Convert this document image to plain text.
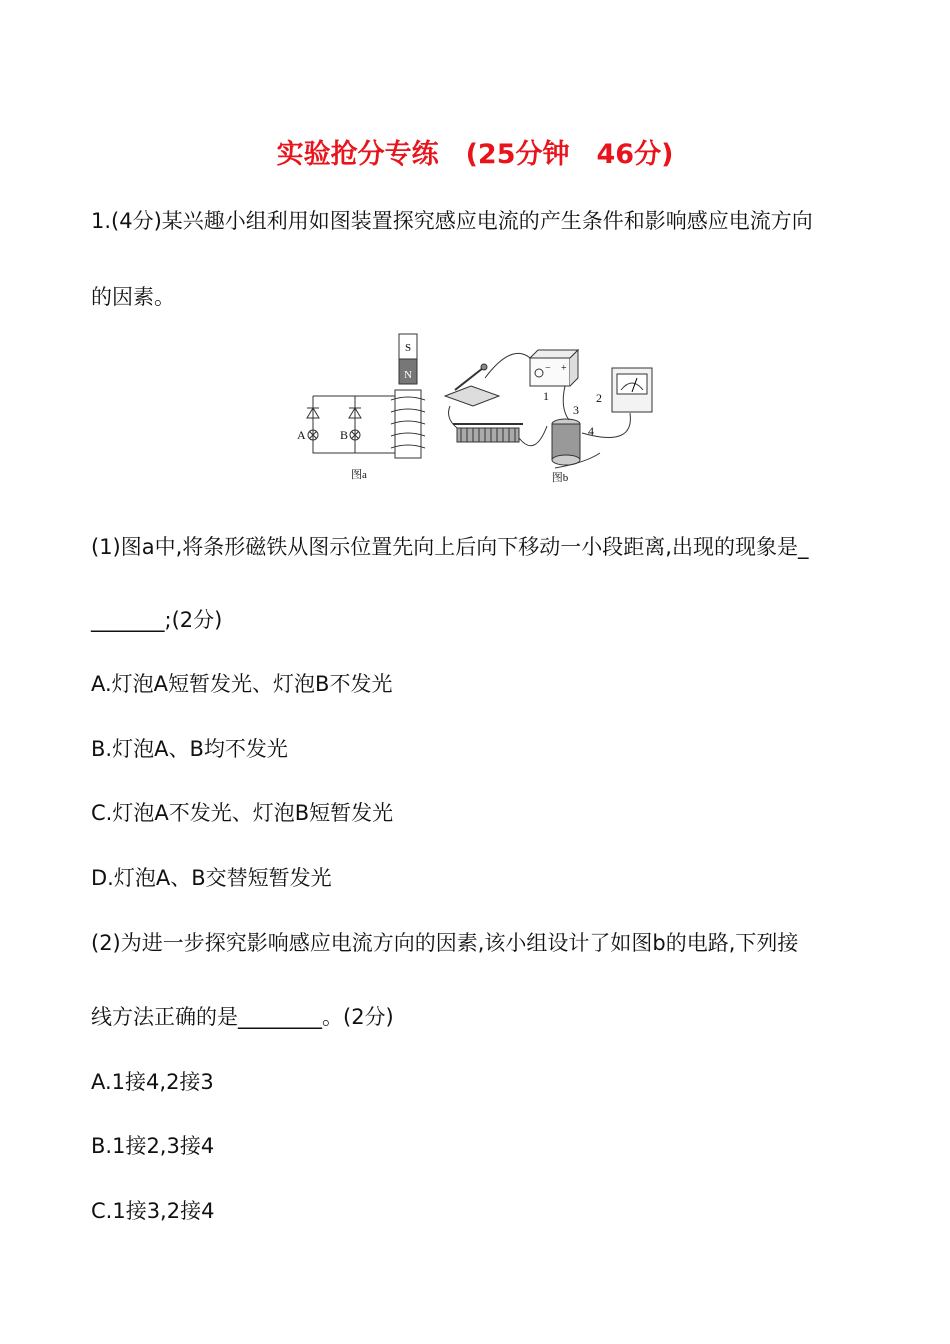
实验抢分专练　(25分钟　46分)
1.(4分)某兴趣小组利用如图装置探究感应电流的产生条件和影响感应电流方向
的因素。
S
N
A	B
图a
− +
1	2
3
4
图b
(1)图a中,将条形磁铁从图示位置先向上后向下移动一小段距离,出现的现象是_
_______;(2分)
A.灯泡A短暂发光、灯泡B不发光
B.灯泡A、B均不发光
C.灯泡A不发光、灯泡B短暂发光
D.灯泡A、B交替短暂发光
(2)为进一步探究影响感应电流方向的因素,该小组设计了如图b的电路,下列接
线方法正确的是________。(2分)
A.1接4,2接3
B.1接2,3接4
C.1接3,2接4
